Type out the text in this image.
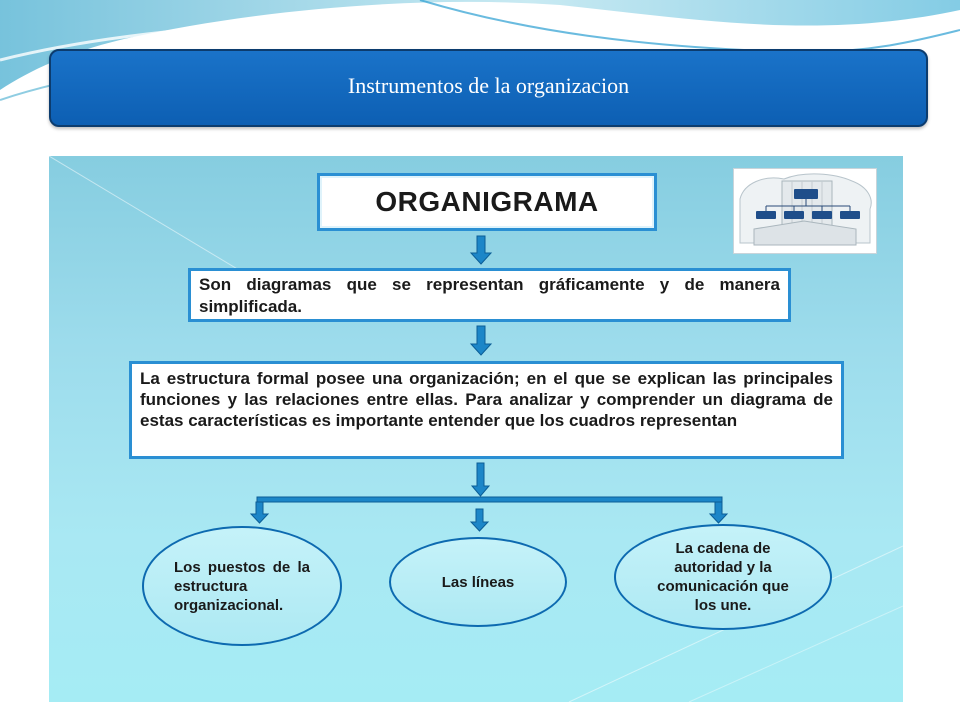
Instrumentos de la organizacion
ORGANIGRAMA
Son diagramas que se representan gráficamente y de manera simplificada.
La estructura formal posee una organización; en el que se explican las principales funciones y las relaciones entre ellas. Para analizar y comprender un diagrama de estas características es importante entender que los cuadros representan
Los puestos de la estructura organizacional.
Las líneas
La cadena de autoridad y la comunicación que los une.
